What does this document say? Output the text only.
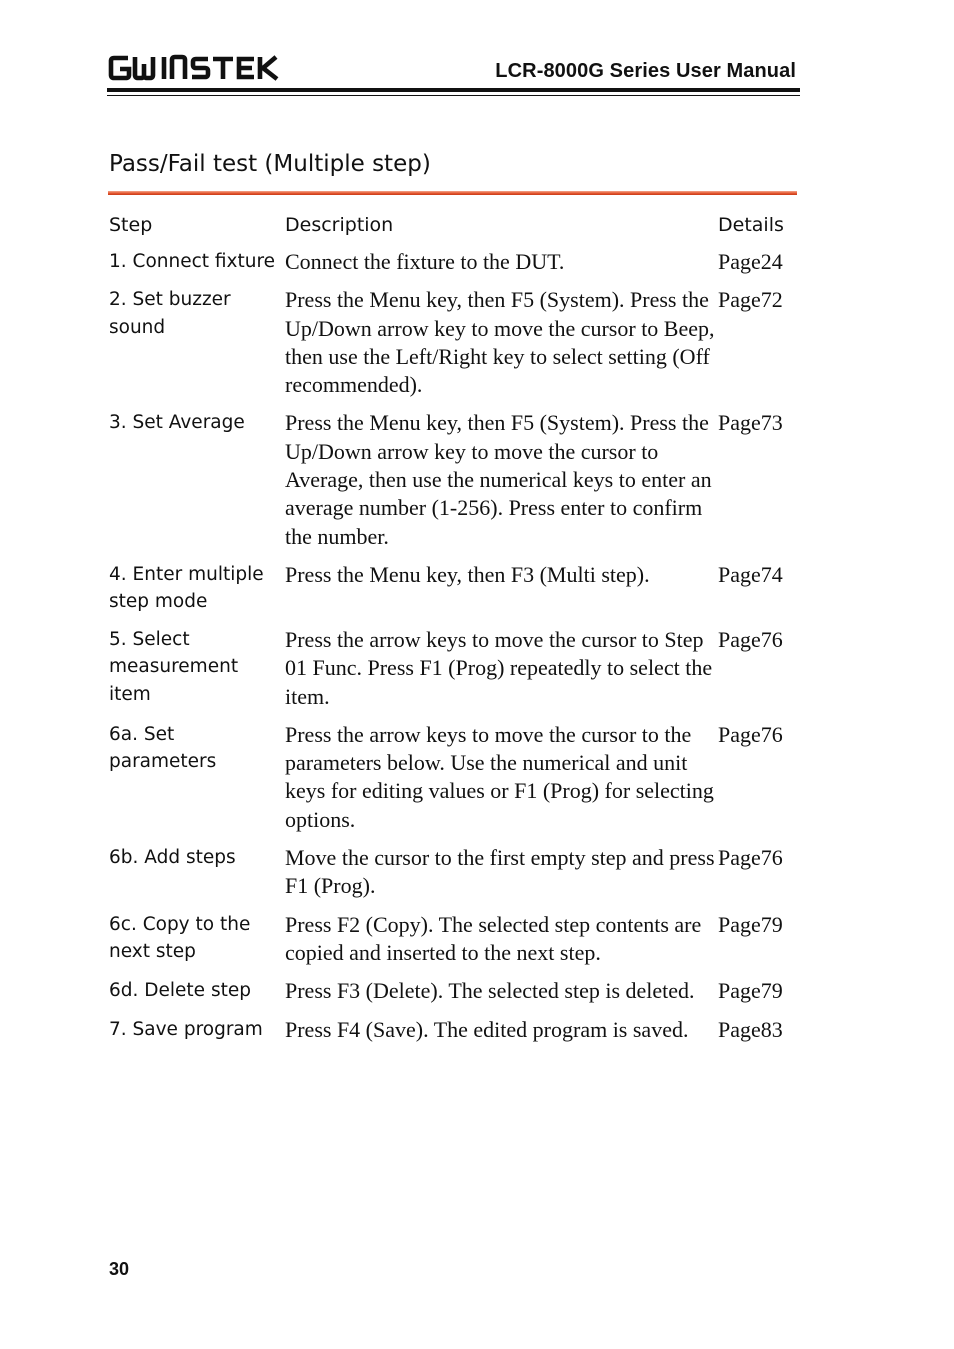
LCR-8000G Series User Manual
Pass/Fail test (Multiple step)
Step	Description	Details
1. Connect fixture	Connect the fixture to the DUT.	Page24
2. Set buzzer sound	Press the Menu key, then F5 (System). Press the Up/Down arrow key to move the cursor to Beep, then use the Left/Right key to select setting (Off recommended).	Page72
3. Set Average	Press the Menu key, then F5 (System). Press the Up/Down arrow key to move the cursor to Average, then use the numerical keys to enter an average number (1-256). Press enter to confirm the number.	Page73
4. Enter multiple step mode	Press the Menu key, then F3 (Multi step).	Page74
5. Select measurement item	Press the arrow keys to move the cursor to Step 01 Func. Press F1 (Prog) repeatedly to select the item.	Page76
6a. Set parameters	Press the arrow keys to move the cursor to the parameters below. Use the numerical and unit keys for editing values or F1 (Prog) for selecting options.	Page76
6b. Add steps	Move the cursor to the first empty step and press F1 (Prog).	Page76
6c. Copy to the next step	Press F2 (Copy). The selected step contents are copied and inserted to the next step.	Page79
6d. Delete step	Press F3 (Delete). The selected step is deleted.	Page79
7. Save program	Press F4 (Save). The edited program is saved.	Page83
30
